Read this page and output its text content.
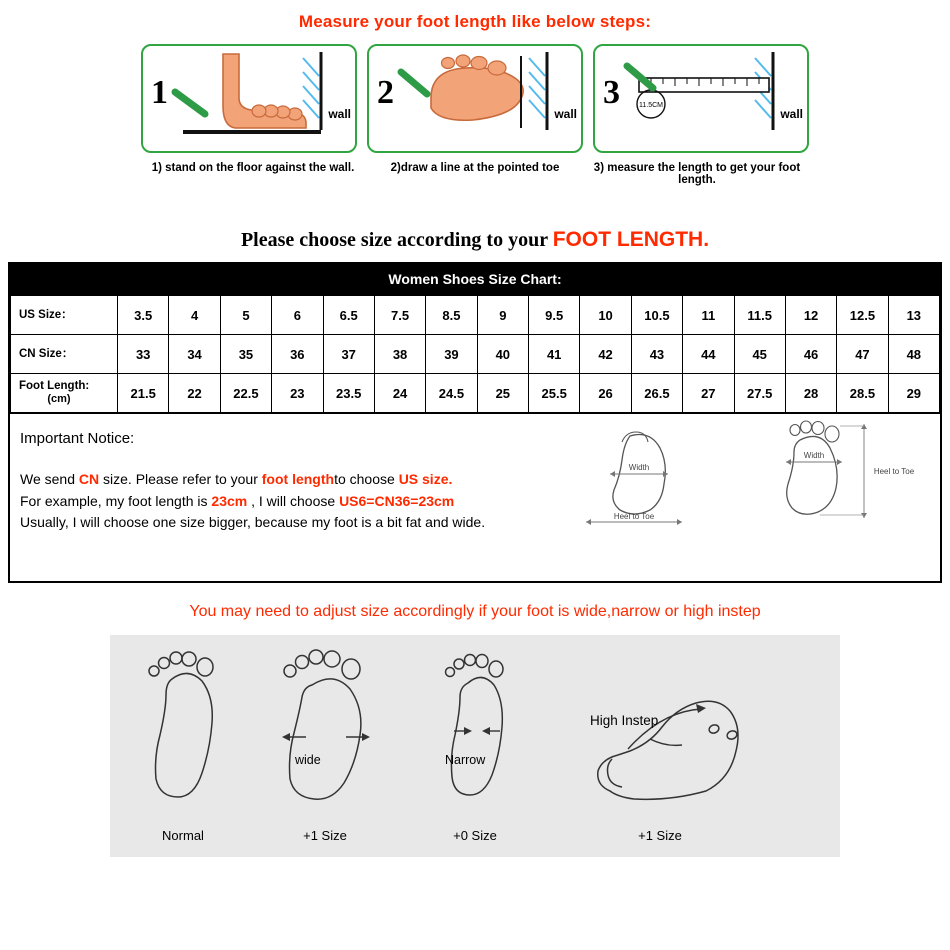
Measure your foot length like below steps:
1
wall
2
wall
11.5CM
3
wall
1) stand on the floor against the wall.	2)draw a line at the pointed toe	3) measure the length to get your foot length.
Please choose size according to your FOOT LENGTH.
Women Shoes Size Chart:
US Size：	3.5	4	5	6	6.5	7.5	8.5	9	9.5	10	10.5	11	11.5	12	12.5	13
CN Size：	33	34	35	36	37	38	39	40	41	42	43	44	45	46	47	48
Foot Length:
(cm)	21.5	22	22.5	23	23.5	24	24.5	25	25.5	26	26.5	27	27.5	28	28.5	29
Width
Heel to Toe
Width
Heel to Toe
Important Notice:
We send CN size. Please refer to your foot lengthto choose US size.
For example, my foot length is 23cm , I will choose US6=CN36=23cm
Usually, I will choose one size bigger, because my foot is a bit fat and wide.
You may need to adjust size accordingly if your foot is wide,narrow or high instep
wide	Narrow
High Instep
Normal	+1 Size	+0 Size	+1 Size
